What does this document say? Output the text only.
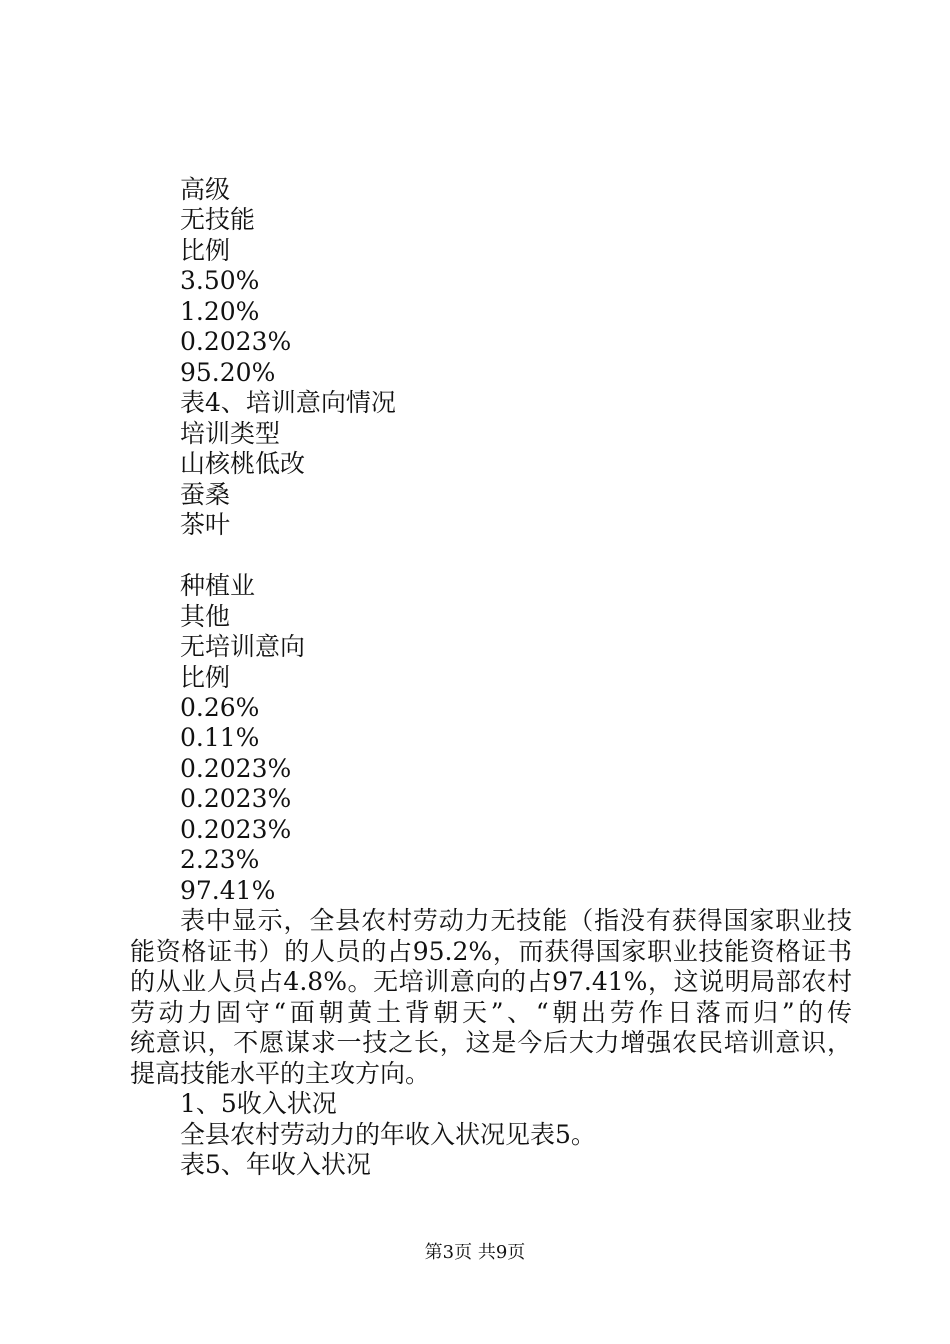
高级
无技能
比例
3.50%
1.20%
0.2023%
95.20%
表4、培训意向情况
培训类型
山核桃低改
蚕桑
茶叶
种植业
其他
无培训意向
比例
0.26%
0.11%
0.2023%
0.2023%
0.2023%
2.23%
97.41%
表中显示，全县农村劳动力无技能（指没有获得国家职业技
能资格证书）的人员的占95.2%，而获得国家职业技能资格证书
的从业人员占4.8%。无培训意向的占97.41%，这说明局部农村
劳动力固守“面朝黄土背朝天”、“朝出劳作日落而归”的传
统意识，不愿谋求一技之长，这是今后大力增强农民培训意识，
提高技能水平的主攻方向。
1、5收入状况
全县农村劳动力的年收入状况见表5。
表5、年收入状况
第3页 共9页
